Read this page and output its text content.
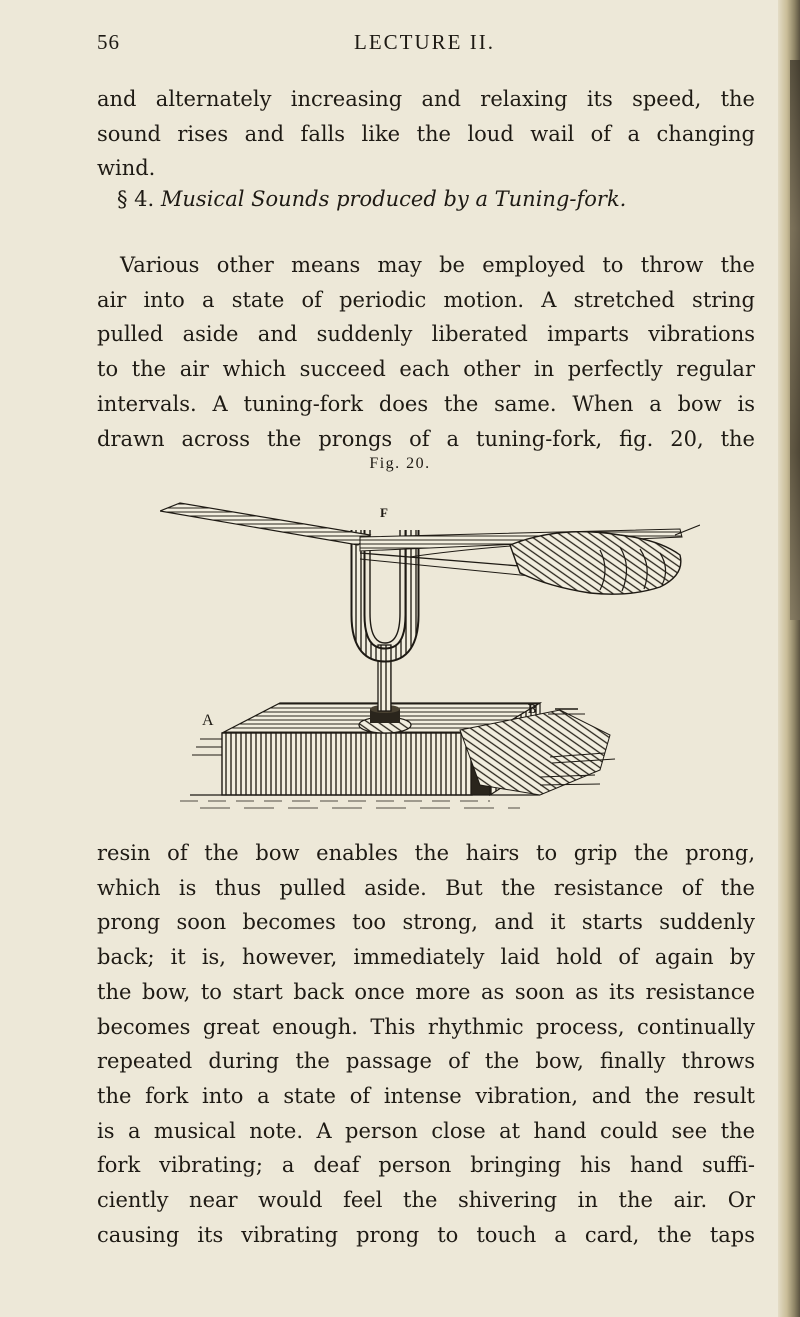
56	LECTURE II.
and alternately increasing and relaxing its speed, the
sound rises and falls like the loud wail of a changing
wind.
§ 4. Musical Sounds produced by a Tuning-fork.
Various other means may be employed to throw the
air into a state of periodic motion. A stretched string
pulled aside and suddenly liberated imparts vibrations
to the air which succeed each other in perfectly regular
intervals. A tuning-fork does the same. When a bow is
drawn across the prongs of a tuning-fork, fig. 20, the
Fig. 20.
F
A
B
resin of the bow enables the hairs to grip the prong,
which is thus pulled aside. But the resistance of the
prong soon becomes too strong, and it starts suddenly
back; it is, however, immediately laid hold of again by
the bow, to start back once more as soon as its resistance
becomes great enough. This rhythmic process, continually
repeated during the passage of the bow, finally throws
the fork into a state of intense vibration, and the result
is a musical note. A person close at hand could see the
fork vibrating; a deaf person bringing his hand suffi-
ciently near would feel the shivering in the air. Or
causing its vibrating prong to touch a card, the taps
